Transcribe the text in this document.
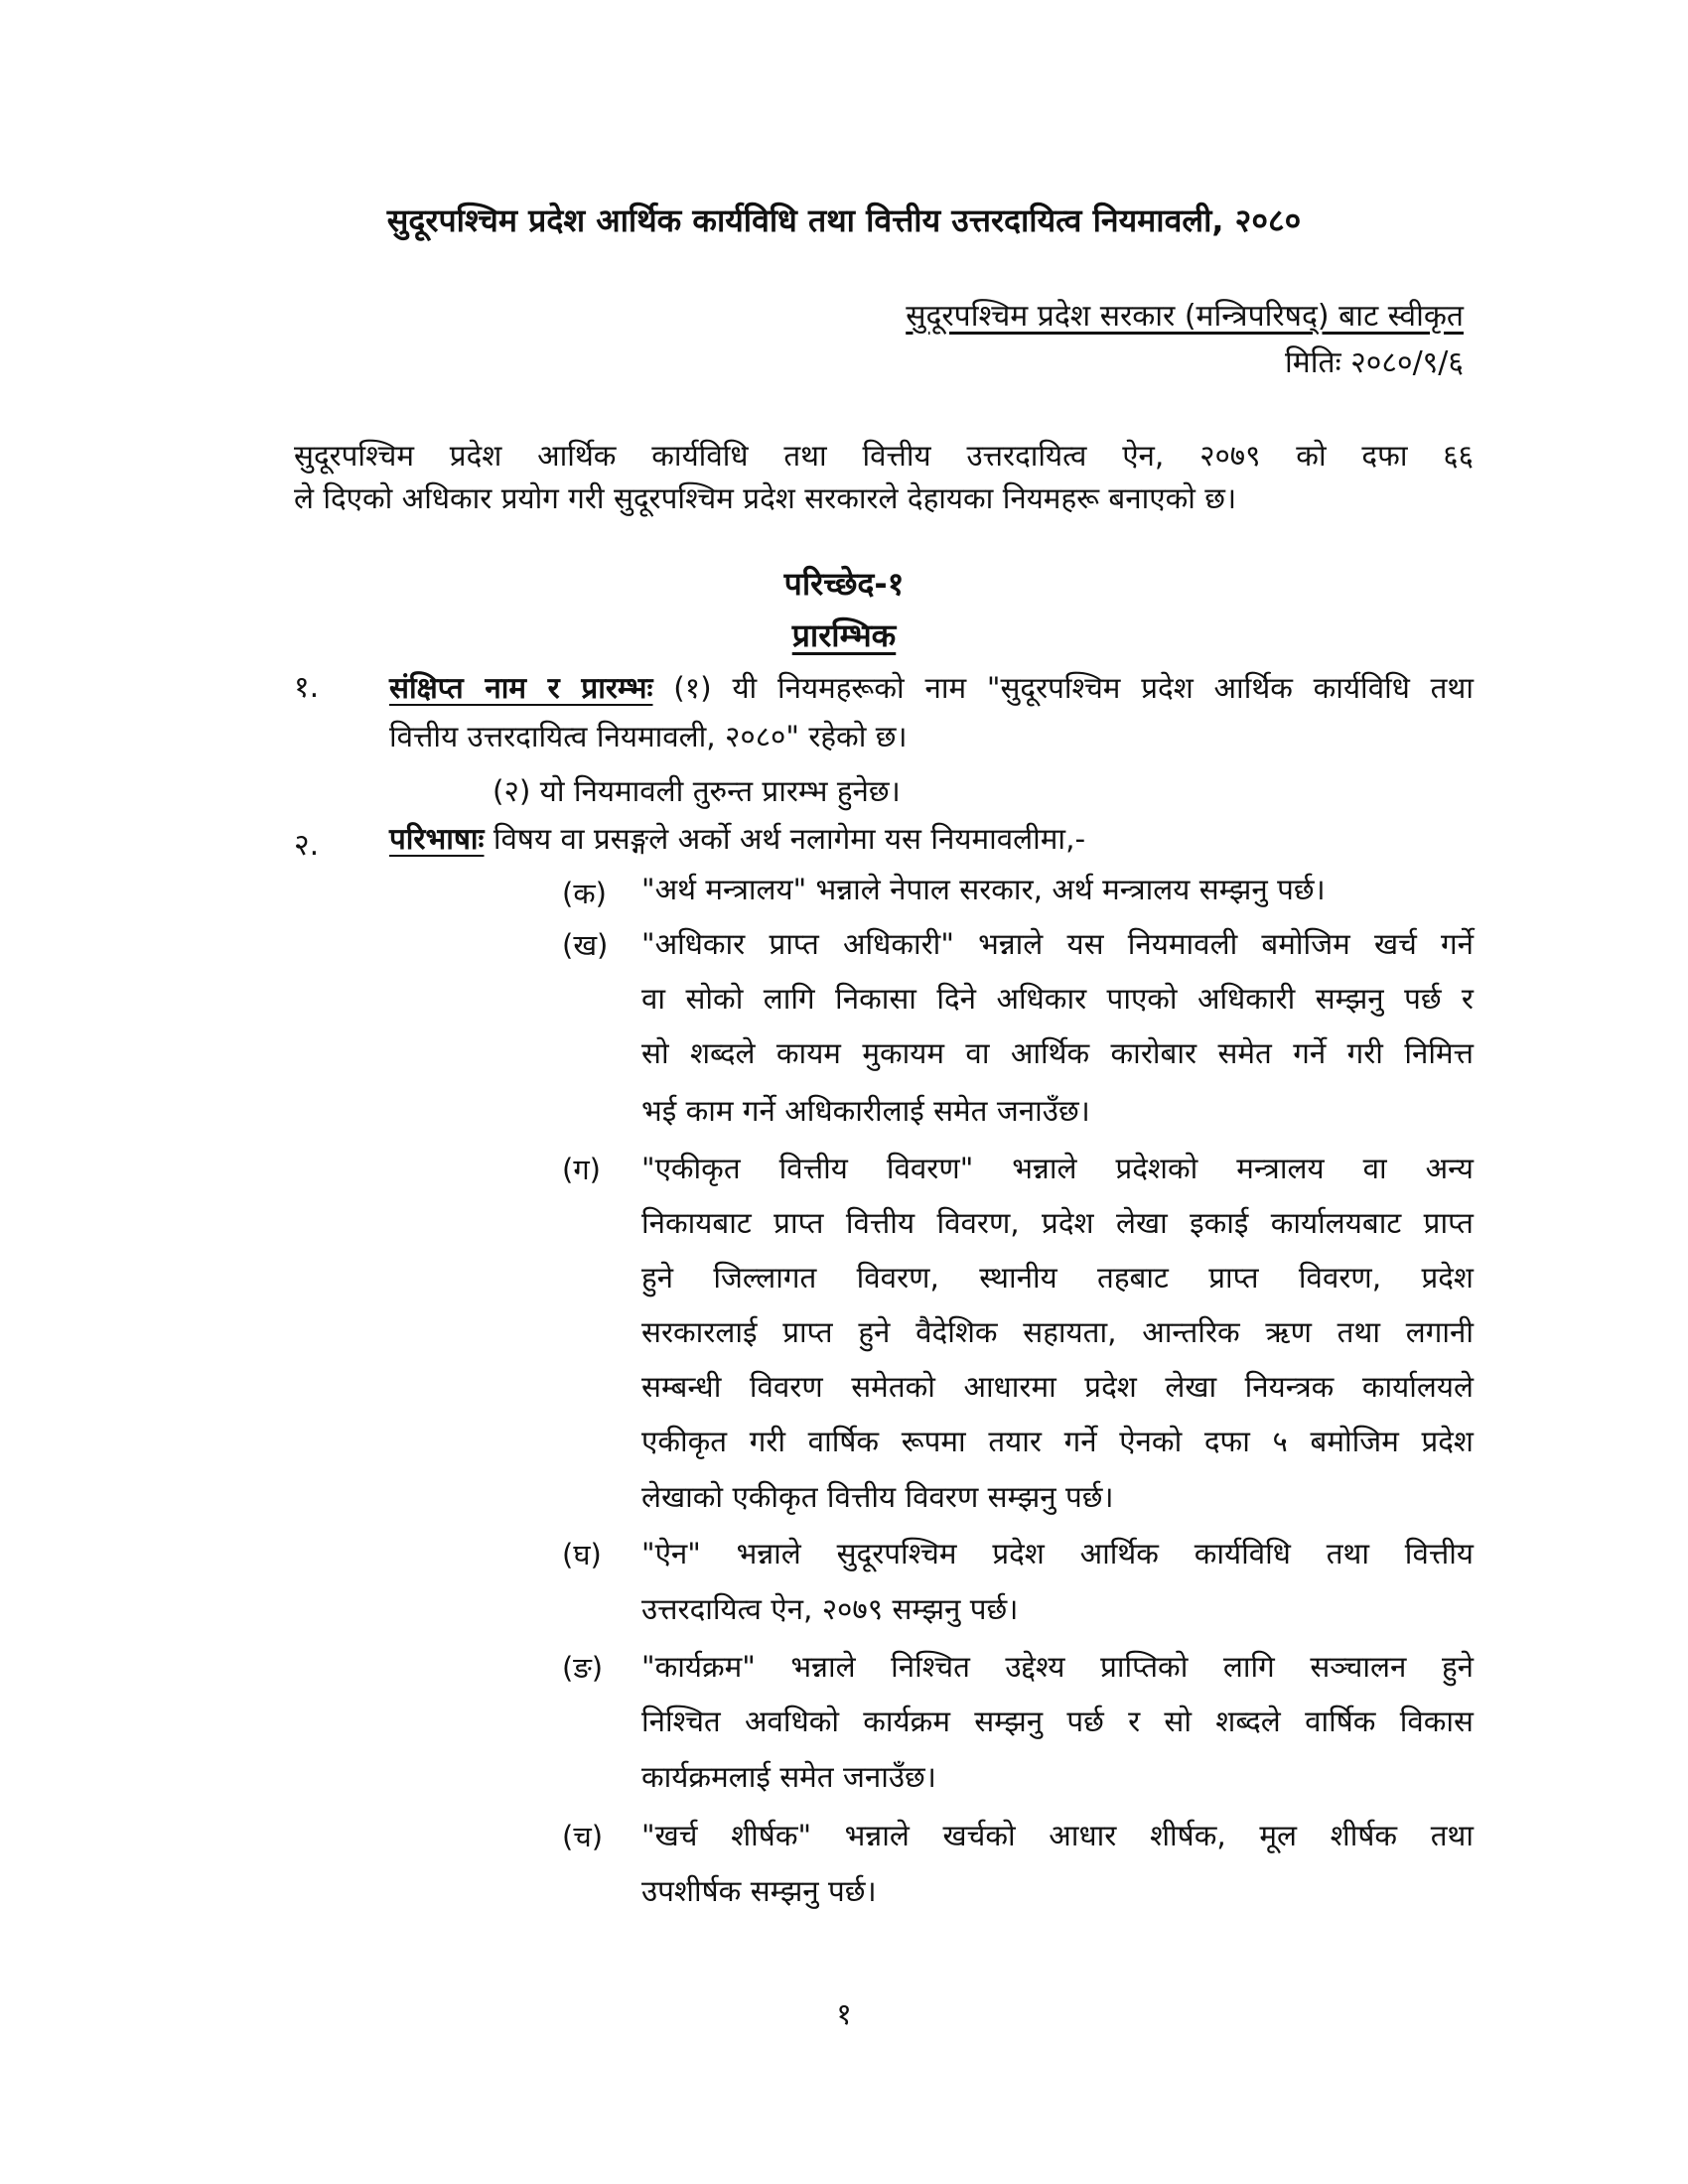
सुदूरपश्चिम प्रदेश आर्थिक कार्यविधि तथा वित्तीय उत्तरदायित्व नियमावली, २०८०
सुदूरपश्चिम प्रदेश सरकार (मन्त्रिपरिषद्) बाट स्वीकृत
मितिः २०८०/९/६
सुदूरपश्चिम प्रदेश आर्थिक कार्यविधि तथा वित्तीय उत्तरदायित्व ऐन, २०७९ को दफा ६६
ले दिएको अधिकार प्रयोग गरी सुदूरपश्चिम प्रदेश सरकारले देहायका नियमहरू बनाएको छ।
परिच्छेद-१
प्रारम्भिक
१. संक्षिप्त नाम र प्रारम्भः (१) यी नियमहरूको नाम "सुदूरपश्चिम प्रदेश आर्थिक कार्यविधि तथा
वित्तीय उत्तरदायित्व नियमावली, २०८०" रहेको छ।
(२) यो नियमावली तुरुन्त प्रारम्भ हुनेछ।
२. परिभाषाः विषय वा प्रसङ्गले अर्को अर्थ नलागेमा यस नियमावलीमा,-
(क) "अर्थ मन्त्रालय" भन्नाले नेपाल सरकार, अर्थ मन्त्रालय सम्झनु पर्छ।
(ख) "अधिकार प्राप्त अधिकारी" भन्नाले यस नियमावली बमोजिम खर्च गर्ने
वा सोको लागि निकासा दिने अधिकार पाएको अधिकारी सम्झनु पर्छ र
सो शब्दले कायम मुकायम वा आर्थिक कारोबार समेत गर्ने गरी निमित्त
भई काम गर्ने अधिकारीलाई समेत जनाउँछ।
(ग) "एकीकृत वित्तीय विवरण" भन्नाले प्रदेशको मन्त्रालय वा अन्य
निकायबाट प्राप्त वित्तीय विवरण, प्रदेश लेखा इकाई कार्यालयबाट प्राप्त
हुने जिल्लागत विवरण, स्थानीय तहबाट प्राप्त विवरण, प्रदेश
सरकारलाई प्राप्त हुने वैदेशिक सहायता, आन्तरिक ऋण तथा लगानी
सम्बन्धी विवरण समेतको आधारमा प्रदेश लेखा नियन्त्रक कार्यालयले
एकीकृत गरी वार्षिक रूपमा तयार गर्ने ऐनको दफा ५ बमोजिम प्रदेश
लेखाको एकीकृत वित्तीय विवरण सम्झनु पर्छ।
(घ) "ऐन" भन्नाले सुदूरपश्चिम प्रदेश आर्थिक कार्यविधि तथा वित्तीय
उत्तरदायित्व ऐन, २०७९ सम्झनु पर्छ।
(ङ) "कार्यक्रम" भन्नाले निश्चित उद्देश्य प्राप्तिको लागि सञ्चालन हुने
निश्चित अवधिको कार्यक्रम सम्झनु पर्छ र सो शब्दले वार्षिक विकास
कार्यक्रमलाई समेत जनाउँछ।
(च) "खर्च शीर्षक" भन्नाले खर्चको आधार शीर्षक, मूल शीर्षक तथा
उपशीर्षक सम्झनु पर्छ।
१
